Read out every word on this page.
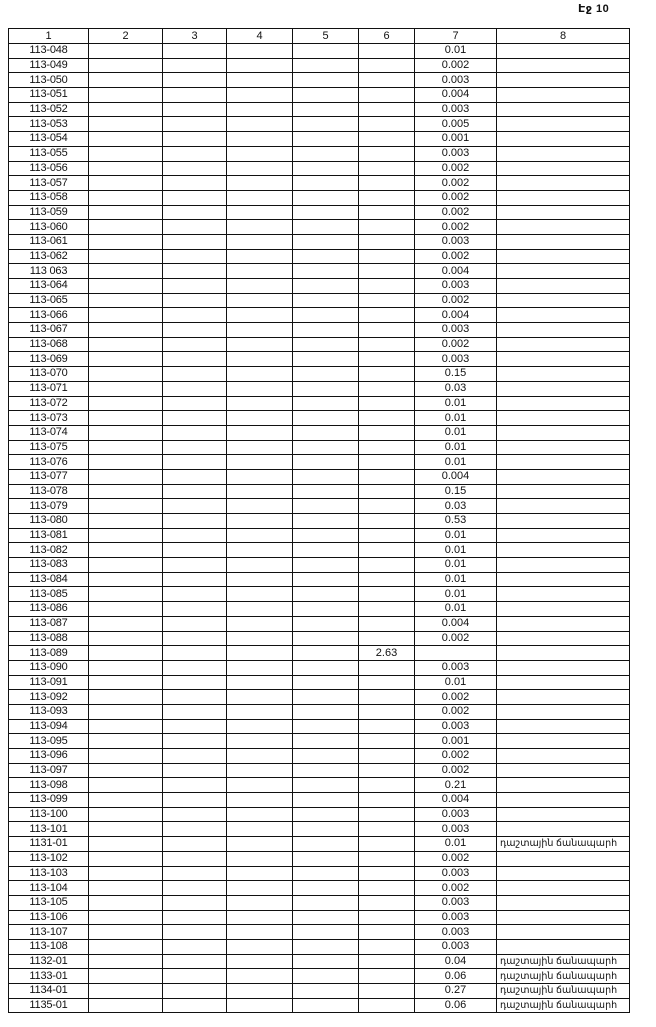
Էջ 10
1	2	3	4	5	6	7	8
113-048						0.01	
113-049						0.002	
113-050						0.003	
113-051						0.004	
113-052						0.003	
113-053						0.005	
113-054						0.001	
113-055						0.003	
113-056						0.002	
113-057						0.002	
113-058						0.002	
113-059						0.002	
113-060						0.002	
113-061						0.003	
113-062						0.002	
113 063						0.004	
113-064						0.003	
113-065						0.002	
113-066						0.004	
113-067						0.003	
113-068						0.002	
113-069						0.003	
113-070						0.15	
113-071						0.03	
113-072						0.01	
113-073						0.01	
113-074						0.01	
113-075						0.01	
113-076						0.01	
113-077						0.004	
113-078						0.15	
113-079						0.03	
113-080						0.53	
113-081						0.01	
113-082						0.01	
113-083						0.01	
113-084						0.01	
113-085						0.01	
113-086						0.01	
113-087						0.004	
113-088						0.002	
113-089					2.63		
113-090						0.003	
113-091						0.01	
113-092						0.002	
113-093						0.002	
113-094						0.003	
113-095						0.001	
113-096						0.002	
113-097						0.002	
113-098						0.21	
113-099						0.004	
113-100						0.003	
113-101						0.003	
1131-01						0.01	դաշտային ճանապարհ
113-102						0.002	
113-103						0.003	
113-104						0.002	
113-105						0.003	
113-106						0.003	
113-107						0.003	
113-108						0.003	
1132-01						0.04	դաշտային ճանապարհ
1133-01						0.06	դաշտային ճանապարհ
1134-01						0.27	դաշտային ճանապարհ
1135-01						0.06	դաշտային ճանապարհ
